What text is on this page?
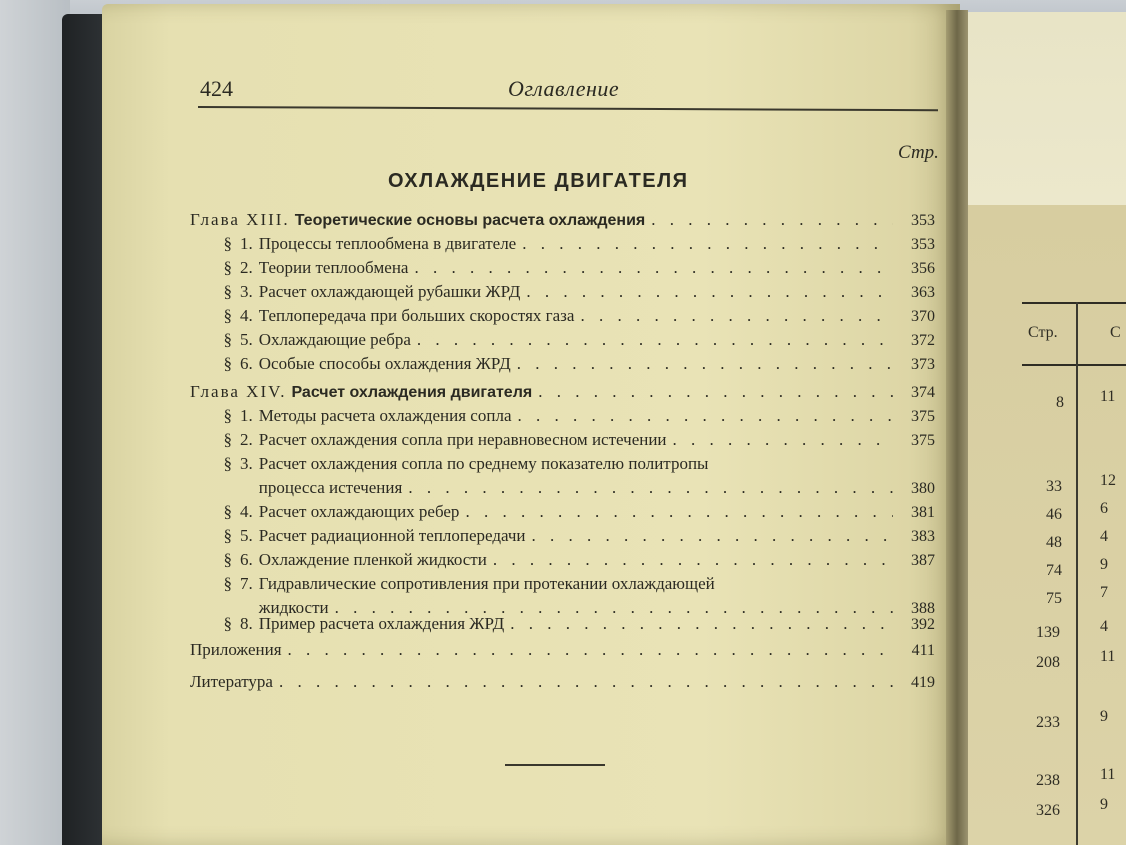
424	Оглавление
Стр.
ОХЛАЖДЕНИЕ ДВИГАТЕЛЯ
Глава XIII. Теоретические основы расчета охлаждения . . .	353
§ 1. Процессы теплообмена в двигателе . . .	353
§ 2. Теории теплообмена . . .	356
§ 3. Расчет охлаждающей рубашки ЖРД . . .	363
§ 4. Теплопередача при больших скоростях газа . . .	370
§ 5. Охлаждающие ребра . . .	372
§ 6. Особые способы охлаждения ЖРД . . .	373
Глава XIV. Расчет охлаждения двигателя . . .	374
§ 1. Методы расчета охлаждения сопла . . .	375
§ 2. Расчет охлаждения сопла при неравновесном истечении . . .	375
§ 3. Расчет охлаждения сопла по среднему показателю политропы
процесса истечения . . .	380
§ 4. Расчет охлаждающих ребер . . .	381
§ 5. Расчет радиационной теплопередачи . . .	383
§ 6. Охлаждение пленкой жидкости . . .	387
§ 7. Гидравлические сопротивления при протекании охлаждающей
жидкости . . .	388
§ 8. Пример расчета охлаждения ЖРД . . .	392
Приложения . . .	411
Литература . . .	419
Стр.	С
8 11
33 12
46 6
48 4
74 9
75 7
139	4
208	11
233	9
238	11
326	9
